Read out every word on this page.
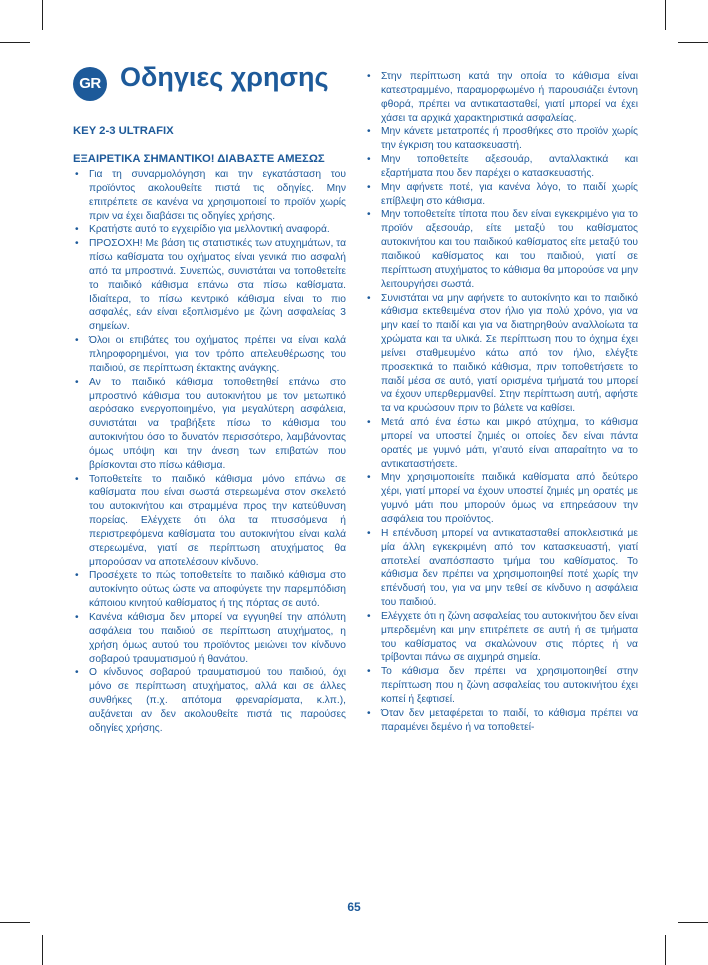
GR Οδηγιες χρησης
KEY 2-3 ULTRAFIX
ΕΞΑΙΡΕΤΙΚΑ ΣΗΜΑΝΤΙΚΟ! ΔΙΑΒΑΣΤΕ ΑΜΕΣΩΣ
• Για τη συναρμολόγηση και την εγκατάσταση του προϊόντος ακολουθείτε πιστά τις οδηγίες. Μην επιτρέπετε σε κανένα να χρησιμοποιεί το προϊόν χωρίς πριν να έχει διαβάσει τις οδηγίες χρήσης.
• Κρατήστε αυτό το εγχειρίδιο για μελλοντική αναφορά.
• ΠΡΟΣΟΧΗ! Με βάση τις στατιστικές των ατυχημάτων, τα πίσω καθίσματα του οχήματος είναι γενικά πιο ασφαλή από τα μπροστινά. Συνεπώς, συνιστάται να τοποθετείτε το παιδικό κάθισμα επάνω στα πίσω καθίσματα. Ιδιαίτερα, το πίσω κεντρικό κάθισμα είναι το πιο ασφαλές, εάν είναι εξοπλισμένο με ζώνη ασφαλείας 3 σημείων.
• Όλοι οι επιβάτες του οχήματος πρέπει να είναι καλά πληροφορημένοι, για τον τρόπο απελευθέρωσης του παιδιού, σε περίπτωση έκτακτης ανάγκης.
• Αν το παιδικό κάθισμα τοποθετηθεί επάνω στο μπροστινό κάθισμα του αυτοκινήτου με τον μετωπικό αερόσακο ενεργοποιημένο, για μεγαλύτερη ασφάλεια, συνιστάται να τραβήξετε πίσω το κάθισμα του αυτοκινήτου όσο το δυνατόν περισσότερο, λαμβάνοντας όμως υπόψη και την άνεση των επιβατών που βρίσκονται στο πίσω κάθισμα.
• Τοποθετείτε το παιδικό κάθισμα μόνο επάνω σε καθίσματα που είναι σωστά στερεωμένα στον σκελετό του αυτοκινήτου και στραμμένα προς την κατεύθυνση πορείας. Ελέγχετε ότι όλα τα πτυσσόμενα ή περιστρεφόμενα καθίσματα του αυτοκινήτου είναι καλά στερεωμένα, γιατί σε περίπτωση ατυχήματος θα μπορούσαν να αποτελέσουν κίνδυνο.
• Προσέχετε το πώς τοποθετείτε το παιδικό κάθισμα στο αυτοκίνητο ούτως ώστε να αποφύγετε την παρεμπόδιση κάποιου κινητού καθίσματος ή της πόρτας σε αυτό.
• Κανένα κάθισμα δεν μπορεί να εγγυηθεί την απόλυτη ασφάλεια του παιδιού σε περίπτωση ατυχήματος, η χρήση όμως αυτού του προϊόντος μειώνει τον κίνδυνο σοβαρού τραυματισμού ή θανάτου.
• Ο κίνδυνος σοβαρού τραυματισμού του παιδιού, όχι μόνο σε περίπτωση ατυχήματος, αλλά και σε άλλες συνθήκες (π.χ. απότομα φρεναρίσματα, κ.λπ.), αυξάνεται αν δεν ακολουθείτε πιστά τις παρούσες οδηγίες χρήσης.
• Στην περίπτωση κατά την οποία το κάθισμα είναι κατεστραμμένο, παραμορφωμένο ή παρουσιάζει έντονη φθορά, πρέπει να αντικατασταθεί, γιατί μπορεί να έχει χάσει τα αρχικά χαρακτηριστικά ασφαλείας.
• Μην κάνετε μετατροπές ή προσθήκες στο προϊόν χωρίς την έγκριση του κατασκευαστή.
• Μην τοποθετείτε αξεσουάρ, ανταλλακτικά και εξαρτήματα που δεν παρέχει ο κατασκευαστής.
• Μην αφήνετε ποτέ, για κανένα λόγο, το παιδί χωρίς επίβλεψη στο κάθισμα.
• Μην τοποθετείτε τίποτα που δεν είναι εγκεκριμένο για το προϊόν αξεσουάρ, είτε μεταξύ του καθίσματος αυτοκινήτου και του παιδικού καθίσματος είτε μεταξύ του παιδικού καθίσματος και του παιδιού, γιατί σε περίπτωση ατυχήματος το κάθισμα θα μπορούσε να μην λειτουργήσει σωστά.
• Συνιστάται να μην αφήνετε το αυτοκίνητο και το παιδικό κάθισμα εκτεθειμένα στον ήλιο για πολύ χρόνο, για να μην καεί το παιδί και για να διατηρηθούν αναλλοίωτα τα χρώματα και τα υλικά. Σε περίπτωση που το όχημα έχει μείνει σταθμευμένο κάτω από τον ήλιο, ελέγξτε προσεκτικά το παιδικό κάθισμα, πριν τοποθετήσετε το παιδί μέσα σε αυτό, γιατί ορισμένα τμήματά του μπορεί να έχουν υπερθερμανθεί. Στην περίπτωση αυτή, αφήστε τα να κρυώσουν πριν το βάλετε να καθίσει.
• Μετά από ένα έστω και μικρό ατύχημα, το κάθισμα μπορεί να υποστεί ζημιές οι οποίες δεν είναι πάντα ορατές με γυμνό μάτι, γι’αυτό είναι απαραίτητο να το αντικαταστήσετε.
• Μην χρησιμοποιείτε παιδικά καθίσματα από δεύτερο χέρι, γιατί μπορεί να έχουν υποστεί ζημιές μη ορατές με γυμνό μάτι που μπορούν όμως να επηρεάσουν την ασφάλεια του προϊόντος.
• Η επένδυση μπορεί να αντικατασταθεί αποκλειστικά με μία άλλη εγκεκριμένη από τον κατασκευαστή, γιατί αποτελεί αναπόσπαστο τμήμα του καθίσματος. Το κάθισμα δεν πρέπει να χρησιμοποιηθεί ποτέ χωρίς την επένδυσή του, για να μην τεθεί σε κίνδυνο η ασφάλεια του παιδιού.
• Ελέγχετε ότι η ζώνη ασφαλείας του αυτοκινήτου δεν είναι μπερδεμένη και μην επιτρέπετε σε αυτή ή σε τμήματα του καθίσματος να σκαλώνουν στις πόρτες ή να τρίβονται πάνω σε αιχμηρά σημεία.
• Το κάθισμα δεν πρέπει να χρησιμοποιηθεί στην περίπτωση που η ζώνη ασφαλείας του αυτοκινήτου έχει κοπεί ή ξεφτισεί.
• Όταν δεν μεταφέρεται το παιδί, το κάθισμα πρέπει να παραμένει δεμένο ή να τοποθετεί-
65
